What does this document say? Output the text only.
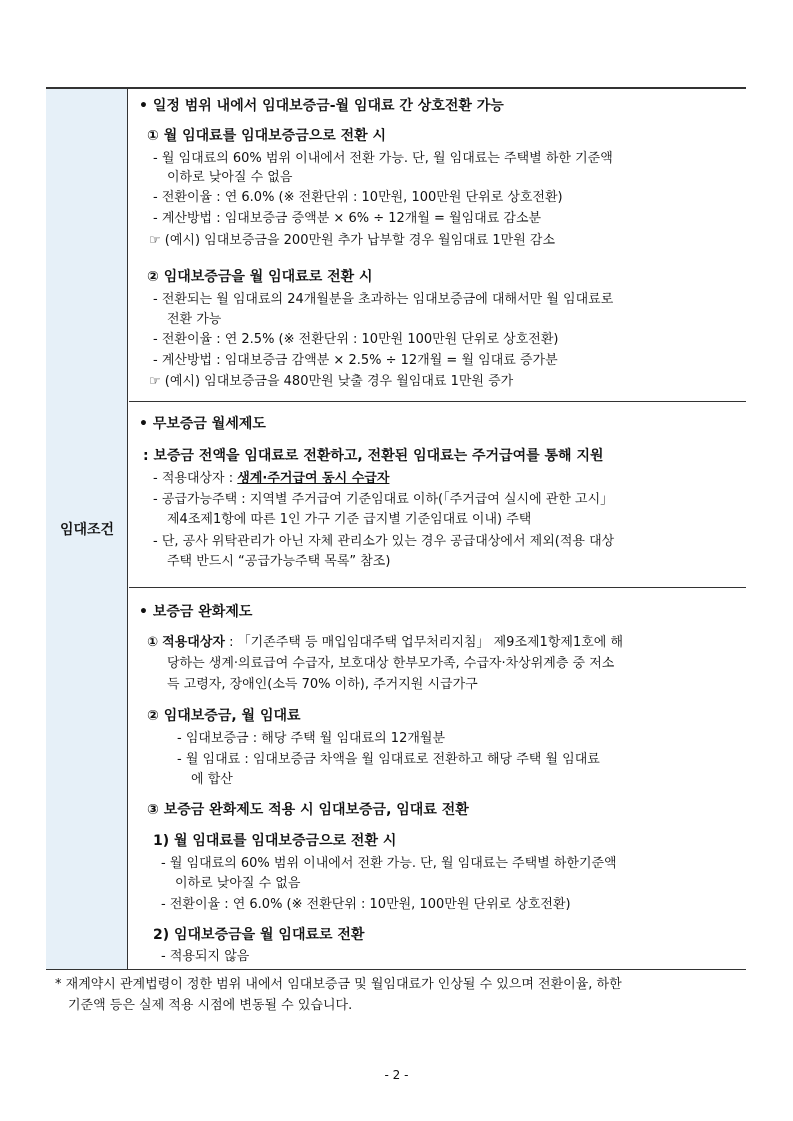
임대조건
• 일정 범위 내에서 임대보증금-월 임대료 간 상호전환 가능
① 월 임대료를 임대보증금으로 전환 시
- 월 임대료의 60% 범위 이내에서 전환 가능. 단, 월 임대료는 주택별 하한 기준액
이하로 낮아질 수 없음
- 전환이율 : 연 6.0% (※ 전환단위 : 10만원, 100만원 단위로 상호전환)
- 계산방법 : 임대보증금 증액분 × 6% ÷ 12개월 = 월임대료 감소분
☞ (예시) 임대보증금을 200만원 추가 납부할 경우 월임대료 1만원 감소
② 임대보증금을 월 임대료로 전환 시
- 전환되는 월 임대료의 24개월분을 초과하는 임대보증금에 대해서만 월 임대료로
전환 가능
- 전환이율 : 연 2.5% (※ 전환단위 : 10만원 100만원 단위로 상호전환)
- 계산방법 : 임대보증금 감액분 × 2.5% ÷ 12개월 = 월 임대료 증가분
☞ (예시) 임대보증금을 480만원 낮출 경우 월임대료 1만원 증가
• 무보증금 월세제도
: 보증금 전액을 임대료로 전환하고, 전환된 임대료는 주거급여를 통해 지원
- 적용대상자 : 생계·주거급여 동시 수급자
- 공급가능주택 : 지역별 주거급여 기준임대료 이하(「주거급여 실시에 관한 고시」
제4조제1항에 따른 1인 가구 기준 급지별 기준임대료 이내) 주택
- 단, 공사 위탁관리가 아닌 자체 관리소가 있는 경우 공급대상에서 제외(적용 대상
주택 반드시 “공급가능주택 목록” 참조)
• 보증금 완화제도
① 적용대상자 : 「기존주택 등 매입임대주택 업무처리지침」 제9조제1항제1호에 해
당하는 생계·의료급여 수급자, 보호대상 한부모가족, 수급자·차상위계층 중 저소
득 고령자, 장애인(소득 70% 이하), 주거지원 시급가구
② 임대보증금, 월 임대료
- 임대보증금 : 해당 주택 월 임대료의 12개월분
- 월 임대료 : 임대보증금 차액을 월 임대료로 전환하고 해당 주택 월 임대료
에 합산
③ 보증금 완화제도 적용 시 임대보증금, 임대료 전환
1) 월 임대료를 임대보증금으로 전환 시
- 월 임대료의 60% 범위 이내에서 전환 가능. 단, 월 임대료는 주택별 하한기준액
이하로 낮아질 수 없음
- 전환이율 : 연 6.0% (※ 전환단위 : 10만원, 100만원 단위로 상호전환)
2) 임대보증금을 월 임대료로 전환
- 적용되지 않음
* 재계약시 관계법령이 정한 범위 내에서 임대보증금 및 월임대료가 인상될 수 있으며 전환이율, 하한
기준액 등은 실제 적용 시점에 변동될 수 있습니다.
- 2 -
